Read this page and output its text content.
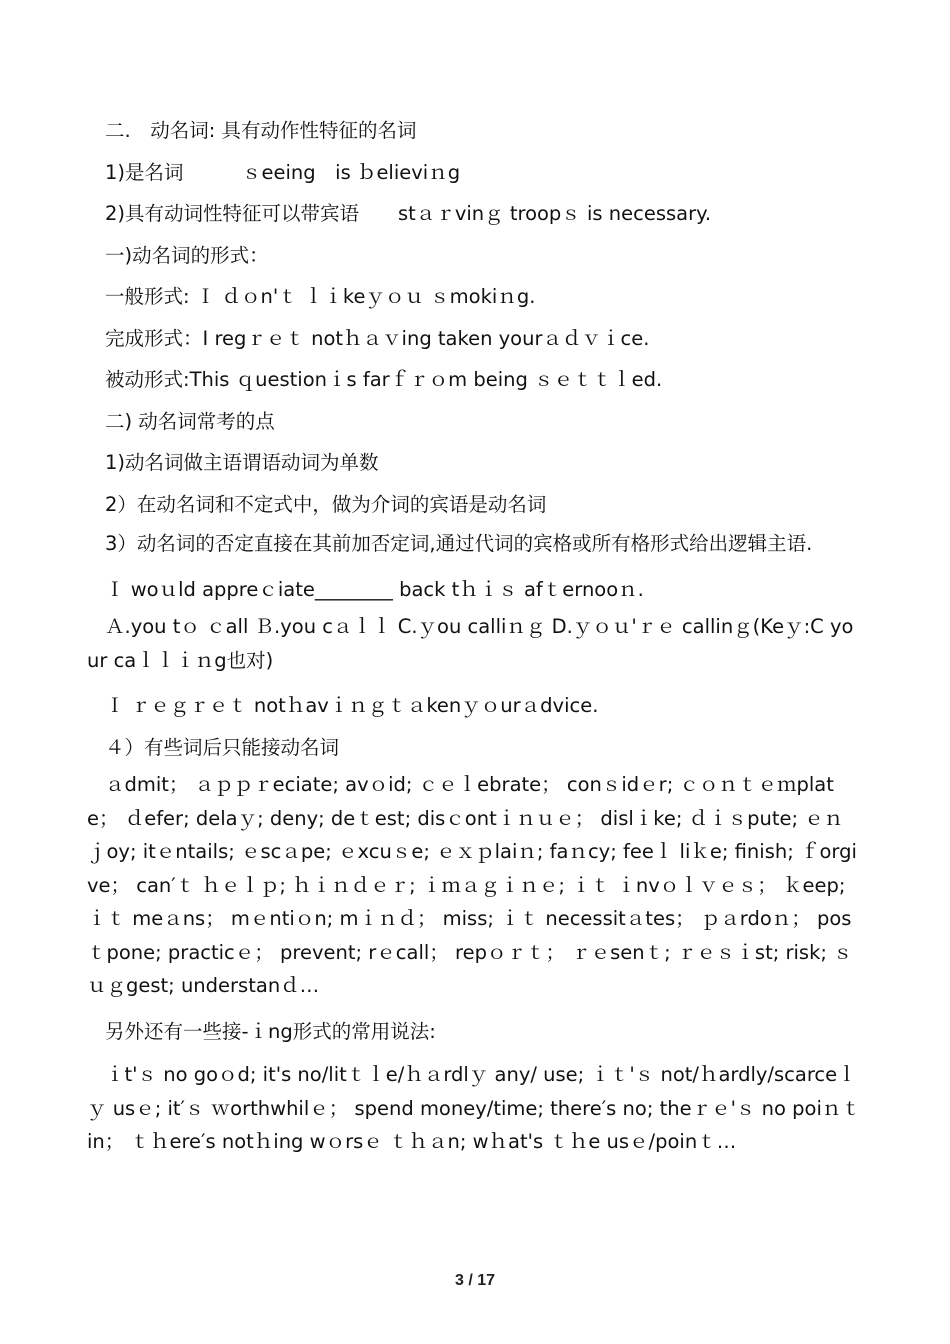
二.　动名词: 具有动作性特征的名词
1)是名词　　　ｓeeing　is ｂelieviｎg
2)具有动词性特征可以带宾语　　stａｒvinｇ troopｓ is necessary.
一)动名词的形式：
一般形式: Ｉ ｄｏn'ｔ ｌｉkeｙｏｕ ｓmokiｎg.
完成形式：I regｒｅｔ notｈａｖing taken yourａｄｖｉce.
被动形式:This ｑuestionｉs farｆｒｏm being ｓｅｔｔｌed.
二) 动名词常考的点
1)动名词做主语谓语动词为单数
2）在动名词和不定式中，做为介词的宾语是动名词
3）动名词的否定直接在其前加否定词,通过代词的宾格或所有格形式给出逻辑主语.
Ｉ woｕld appreｃiate________ back tｈｉｓ afｔernooｎ.
Ａ.you tｏ ｃall Ｂ.you cａｌｌ C.ｙou calliｎｇ D.ｙｏｕ'ｒｅ callinｇ(Keｙ:C your caｌｌｉｎg也对)
Ｉ ｒｅｇｒｅｔ notｈavｉｎｇｔａkenｙｏurａdvice.
４）有些词后只能接动名词
ａdmit； ａｐｐｒeciate; avｏid; ｃｅｌebrate； conｓidｅr; ｃｏｎｔｅｍplate； ｄefer; delaｙ; deny; deｔest; disｃontｉｎｕｅ； dislｉke; ｄｉｓpute; ｅｎｊoy; itｅntails; ｅscａpe; ｅxcuｓe; ｅｘｐlaiｎ; faｎcy; feeｌ liｋe; finish; ｆorgive； can′ｔ ｈｅｌｐ; ｈｉｎｄｅｒ; ｉｍａｇｉｎｅ; ｉｔ ｉnvｏｌｖｅｓ； ｋeep; ｉｔ meａns； mｅntiｏn; mｉｎｄ； miss; ｉｔ necessitａtes； ｐａrdoｎ； posｔpone; practicｅ； prevent; rｅcall； repｏｒｔ； ｒｅsenｔ; ｒｅｓｉst; risk; ｓｕｇgest; understanｄ…
另外还有一些接-ｉng形式的常用说法:
ｉt'ｓ no goｏd; it's no/litｔｌe/ｈａrdlｙ any/ use; ｉｔ'ｓ not/ｈardly/scarceｌｙ usｅ; it′ｓ ｗorthwhilｅ； spend money/time; there′s no; theｒｅ'ｓ no poiｎｔ in； ｔｈere′s notｈing wｏrsｅ ｔｈａn; wｈat's ｔｈe usｅ/poinｔ…
3 / 17
